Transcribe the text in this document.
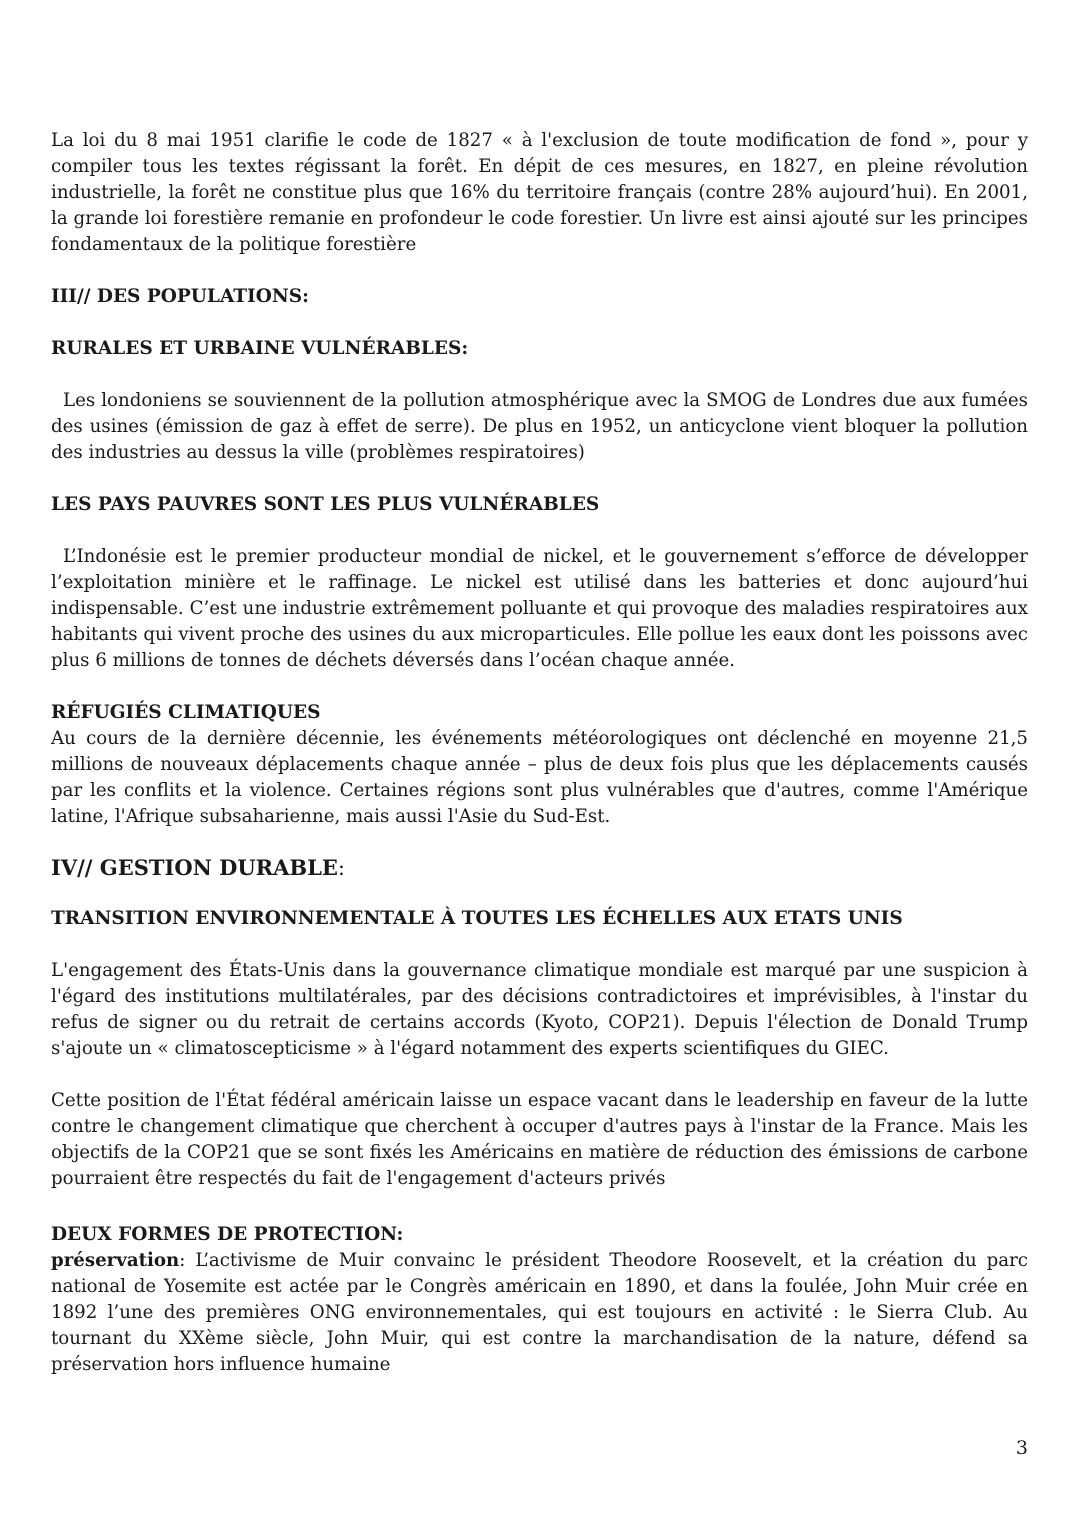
La loi du 8 mai 1951 clarifie le code de 1827 « à l'exclusion de toute modification de fond », pour y compiler tous les textes régissant la forêt. En dépit de ces mesures, en 1827, en pleine révolution industrielle, la forêt ne constitue plus que 16% du territoire français (contre 28% aujourd’hui). En 2001, la grande loi forestière remanie en profondeur le code forestier. Un livre est ainsi ajouté sur les principes fondamentaux de la politique forestière

III// DES POPULATIONS:
RURALES ET URBAINE VULNÉRABLES:

Les londoniens se souviennent de la pollution atmosphérique avec la SMOG de Londres due aux fumées des usines (émission de gaz à effet de serre). De plus en 1952, un anticyclone vient bloquer la pollution des industries au dessus la ville (problèmes respiratoires)

LES PAYS PAUVRES SONT LES PLUS VULNÉRABLES

L’Indonésie est le premier producteur mondial de nickel, et le gouvernement s’efforce de développer l’exploitation minière et le raffinage. Le nickel est utilisé dans les batteries et donc aujourd’hui indispensable. C’est une industrie extrêmement polluante et qui provoque des maladies respiratoires aux habitants qui vivent proche des usines du aux microparticules. Elle pollue les eaux dont les poissons avec plus 6 millions de tonnes de déchets déversés dans l’océan chaque année.

RÉFUGIÉS CLIMATIQUES

Au cours de la dernière décennie, les événements météorologiques ont déclenché en moyenne 21,5 millions de nouveaux déplacements chaque année – plus de deux fois plus que les déplacements causés par les conflits et la violence. Certaines régions sont plus vulnérables que d'autres, comme l'Amérique latine, l'Afrique subsaharienne, mais aussi l'Asie du Sud-Est.

IV// GESTION DURABLE:
TRANSITION ENVIRONNEMENTALE À TOUTES LES ÉCHELLES AUX ETATS UNIS

L'engagement des États-Unis dans la gouvernance climatique mondiale est marqué par une suspicion à l'égard des institutions multilatérales, par des décisions contradictoires et imprévisibles, à l'instar du refus de signer ou du retrait de certains accords (Kyoto, COP21). Depuis l'élection de Donald Trump s'ajoute un « climatoscepticisme » à l'égard notamment des experts scientifiques du GIEC.

Cette position de l'État fédéral américain laisse un espace vacant dans le leadership en faveur de la lutte contre le changement climatique que cherchent à occuper d'autres pays à l'instar de la France. Mais les objectifs de la COP21 que se sont fixés les Américains en matière de réduction des émissions de carbone pourraient être respectés du fait de l'engagement d'acteurs privés

DEUX FORMES DE PROTECTION:

préservation: L’activisme de Muir convainc le président Theodore Roosevelt, et la création du parc national de Yosemite est actée par le Congrès américain en 1890, et dans la foulée, John Muir crée en 1892 l’une des premières ONG environnementales, qui est toujours en activité : le Sierra Club. Au tournant du XXème siècle, John Muir, qui est contre la marchandisation de la nature, défend sa préservation hors influence humaine

3
